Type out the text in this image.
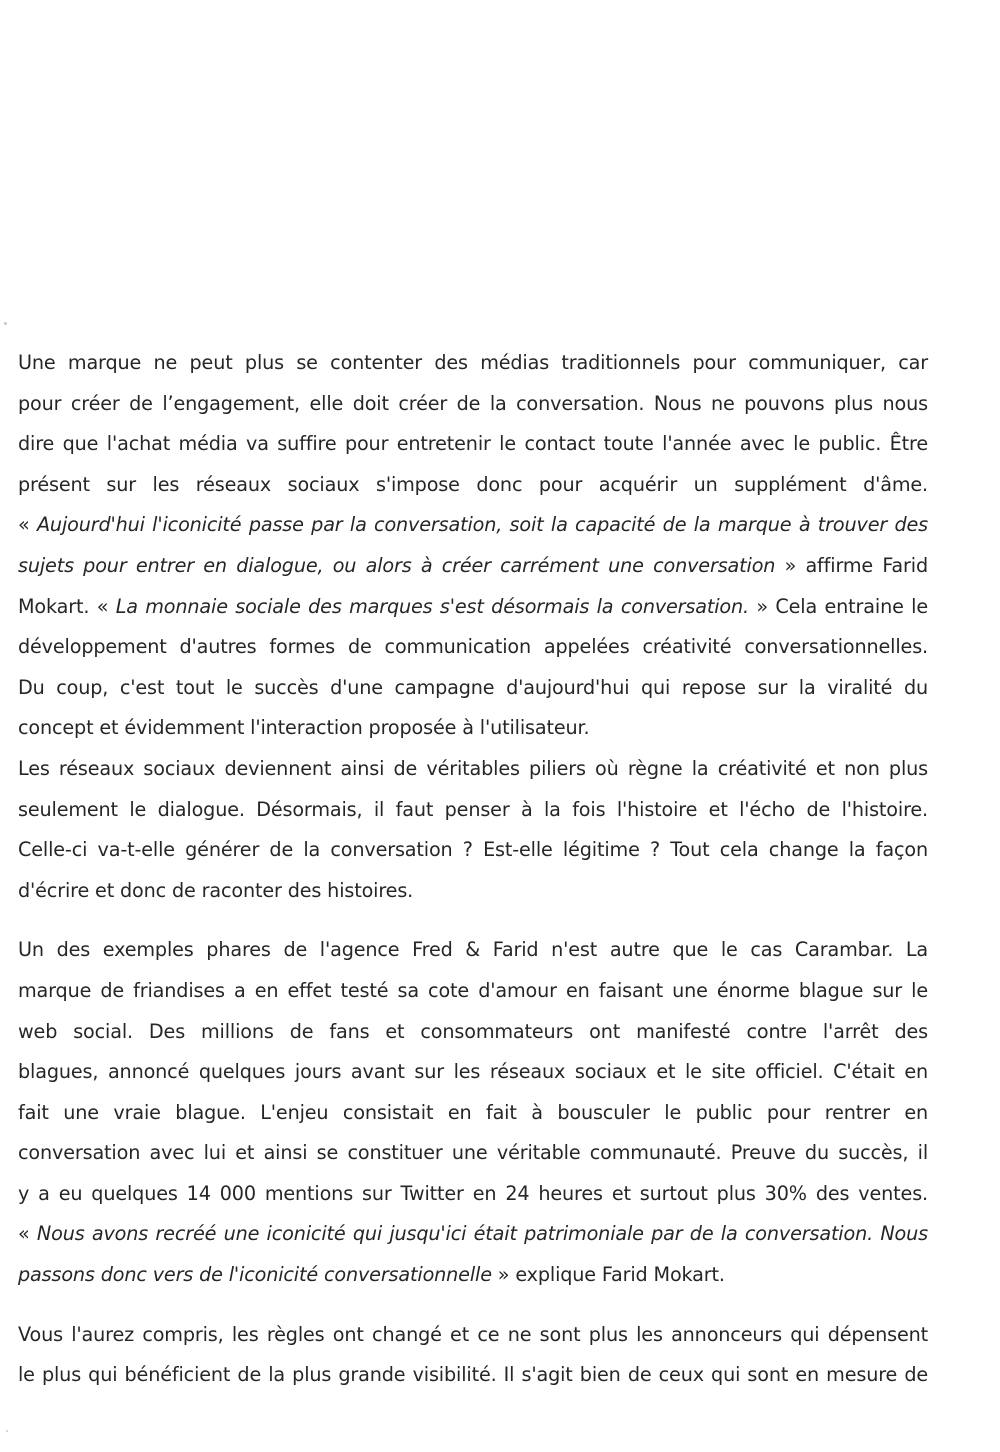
Une marque ne peut plus se contenter des médias traditionnels pour communiquer, car
pour créer de l’engagement, elle doit créer de la conversation. Nous ne pouvons plus nous
dire que l'achat média va suffire pour entretenir le contact toute l'année avec le public. Être
présent sur les réseaux sociaux s'impose donc pour acquérir un supplément d'âme.
« Aujourd'hui l'iconicité passe par la conversation, soit la capacité de la marque à trouver des
sujets pour entrer en dialogue, ou alors à créer carrément une conversation » affirme Farid
Mokart. « La monnaie sociale des marques s'est désormais la conversation. » Cela entraine le
développement d'autres formes de communication appelées créativité conversationnelles.
Du coup, c'est tout le succès d'une campagne d'aujourd'hui qui repose sur la viralité du
concept et évidemment l'interaction proposée à l'utilisateur.
Les réseaux sociaux deviennent ainsi de véritables piliers où règne la créativité et non plus
seulement le dialogue. Désormais, il faut penser à la fois l'histoire et l'écho de l'histoire.
Celle-ci va-t-elle générer de la conversation ? Est-elle légitime ? Tout cela change la façon
d'écrire et donc de raconter des histoires.
Un des exemples phares de l'agence Fred & Farid n'est autre que le cas Carambar. La
marque de friandises a en effet testé sa cote d'amour en faisant une énorme blague sur le
web social. Des millions de fans et consommateurs ont manifesté contre l'arrêt des
blagues, annoncé quelques jours avant sur les réseaux sociaux et le site officiel. C'était en
fait une vraie blague. L'enjeu consistait en fait à bousculer le public pour rentrer en
conversation avec lui et ainsi se constituer une véritable communauté. Preuve du succès, il
y a eu quelques 14 000 mentions sur Twitter en 24 heures et surtout plus 30% des ventes.
« Nous avons recréé une iconicité qui jusqu'ici était patrimoniale par de la conversation. Nous
passons donc vers de l'iconicité conversationnelle » explique Farid Mokart.
Vous l'aurez compris, les règles ont changé et ce ne sont plus les annonceurs qui dépensent
le plus qui bénéficient de la plus grande visibilité. Il s'agit bien de ceux qui sont en mesure de
